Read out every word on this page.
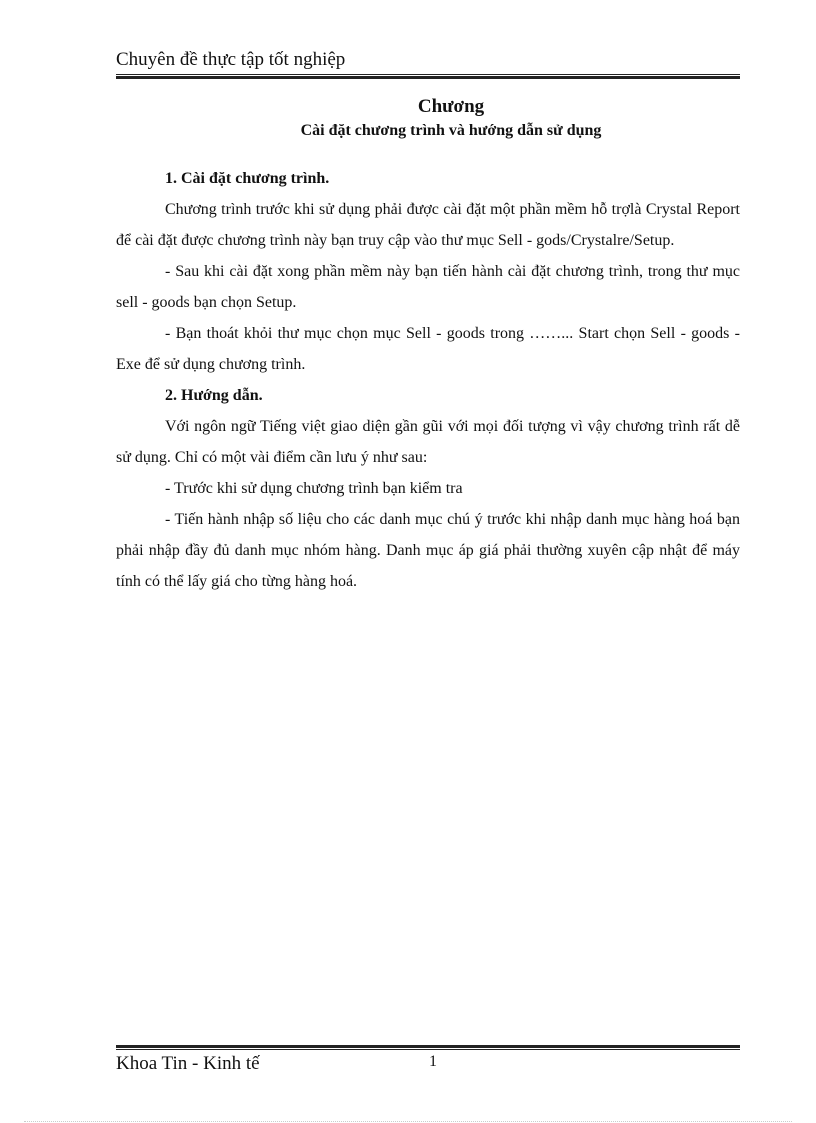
Chuyên đề thực tập tốt nghiệp
Chương
Cài đặt chương trình và hướng dẫn sử dụng

1. Cài đặt chương trình.

Chương trình trước khi sử dụng phải được cài đặt một phần mềm hỗ trợlà Crystal Report để cài đặt được chương trình này bạn truy cập vào thư mục Sell - gods/Crystalre/Setup.

- Sau khi cài đặt xong phần mềm này bạn tiến hành cài đặt chương trình, trong thư mục sell - goods bạn chọn Setup.

- Bạn thoát khỏi thư mục chọn mục Sell - goods trong ……... Start chọn Sell - goods - Exe để sử dụng chương trình.

2. Hướng dẫn.

Với ngôn ngữ Tiếng việt giao diện gần gũi với mọi đối tượng vì vậy chương trình rất dễ sử dụng. Chỉ có một vài điểm cần lưu ý như sau:

- Trước khi sử dụng chương trình bạn kiểm tra

- Tiến hành nhập số liệu cho các danh mục chú ý trước khi nhập danh mục hàng hoá bạn phải nhập đầy đủ danh mục nhóm hàng. Danh mục áp giá phải thường xuyên cập nhật để máy tính có thể lấy giá cho từng hàng hoá.

Khoa Tin - Kinh tế	1
